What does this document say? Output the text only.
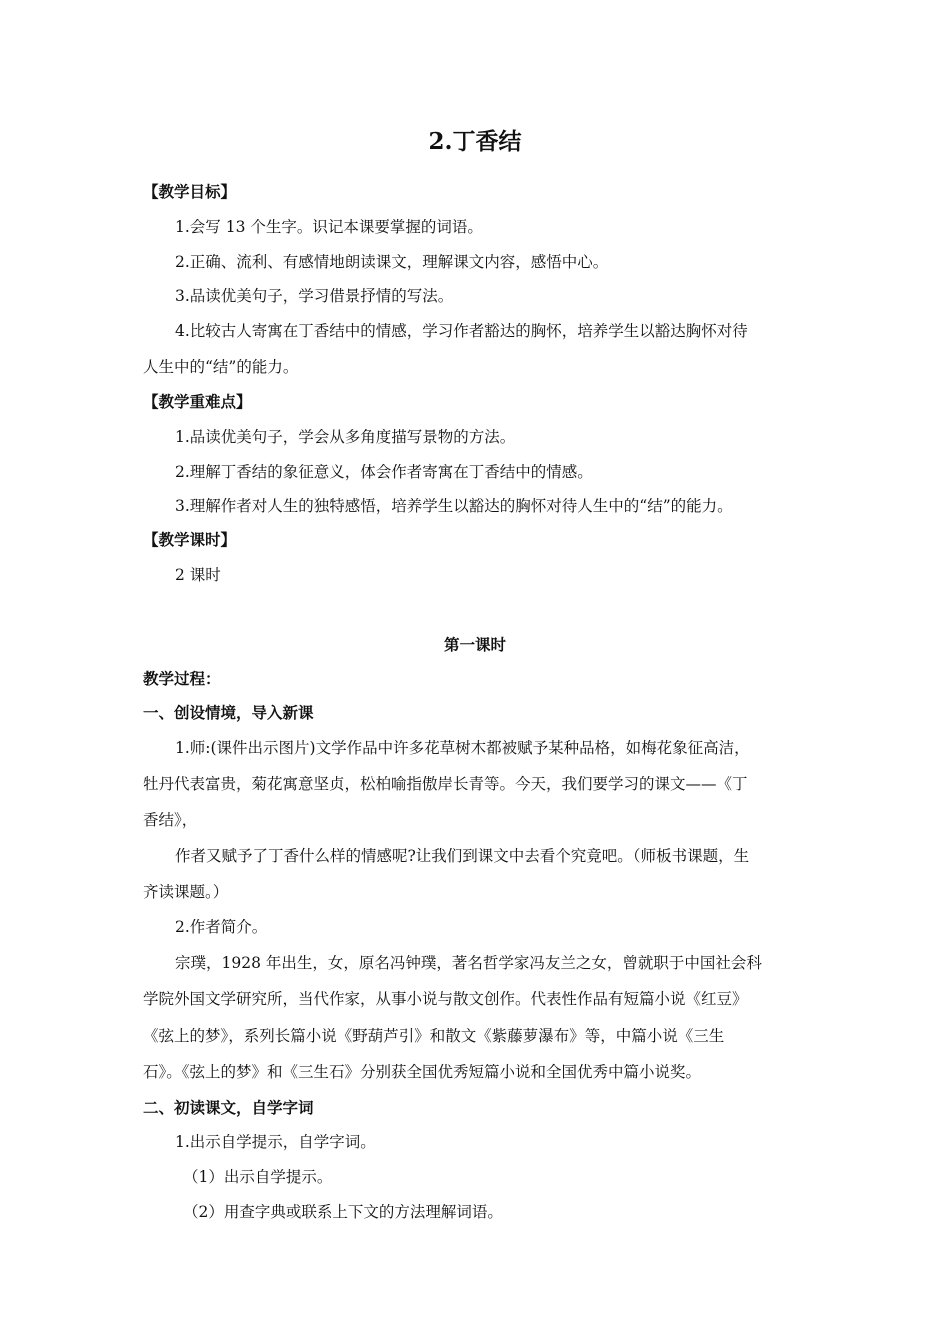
2.丁香结
【教学目标】
1.会写 13 个生字。识记本课要掌握的词语。
2.正确、流利、有感情地朗读课文，理解课文内容，感悟中心。
3.品读优美句子，学习借景抒情的写法。
4.比较古人寄寓在丁香结中的情感，学习作者豁达的胸怀，培养学生以豁达胸怀对待
人生中的“结”的能力。
【教学重难点】
1.品读优美句子，学会从多角度描写景物的方法。
2.理解丁香结的象征意义，体会作者寄寓在丁香结中的情感。
3.理解作者对人生的独特感悟，培养学生以豁达的胸怀对待人生中的“结”的能力。
【教学课时】
2 课时
第一课时
教学过程：
一、创设情境，导入新课
1.师:(课件出示图片)文学作品中许多花草树木都被赋予某种品格，如梅花象征高洁，
牡丹代表富贵，菊花寓意坚贞，松柏喻指傲岸长青等。今天，我们要学习的课文——《丁
香结》，
作者又赋予了丁香什么样的情感呢?让我们到课文中去看个究竟吧。（师板书课题，生
齐读课题。）
2.作者简介。
宗璞，1928 年出生，女，原名冯钟璞，著名哲学家冯友兰之女，曾就职于中国社会科
学院外国文学研究所，当代作家，从事小说与散文创作。代表性作品有短篇小说《红豆》
《弦上的梦》，系列长篇小说《野葫芦引》和散文《紫藤萝瀑布》等，中篇小说《三生
石》。《弦上的梦》和《三生石》分别获全国优秀短篇小说和全国优秀中篇小说奖。
二、初读课文，自学字词
1.出示自学提示，自学字词。
（1）出示自学提示。
（2）用查字典或联系上下文的方法理解词语。
